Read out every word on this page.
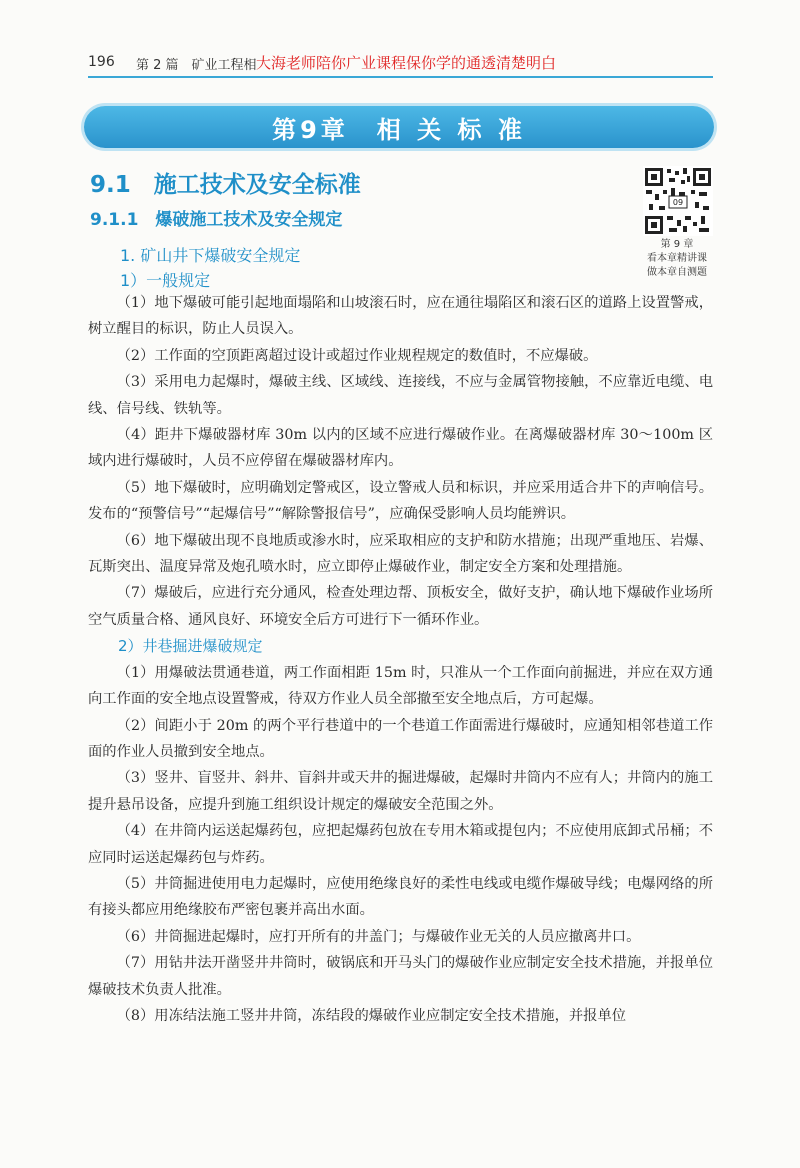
196 第 2 篇　矿业工程相 大海老师陪你广业课程保你学的通透清楚明白
第9章　相 关 标 准
9.1　施工技术及安全标准
9.1.1　爆破施工技术及安全规定
1. 矿山井下爆破安全规定
1）一般规定
09
第 9 章
看本章精讲课
做本章自测题

（1）地下爆破可能引起地面塌陷和山坡滚石时，应在通往塌陷区和滚石区的道路上设置警戒，树立醒目的标识，防止人员误入。

（2）工作面的空顶距离超过设计或超过作业规程规定的数值时，不应爆破。

（3）采用电力起爆时，爆破主线、区域线、连接线，不应与金属管物接触，不应靠近电缆、电线、信号线、铁轨等。

（4）距井下爆破器材库 30m 以内的区域不应进行爆破作业。在离爆破器材库 30～100m 区域内进行爆破时，人员不应停留在爆破器材库内。

（5）地下爆破时，应明确划定警戒区，设立警戒人员和标识，并应采用适合井下的声响信号。发布的“预警信号”“起爆信号”“解除警报信号”，应确保受影响人员均能辨识。

（6）地下爆破出现不良地质或渗水时，应采取相应的支护和防水措施；出现严重地压、岩爆、瓦斯突出、温度异常及炮孔喷水时，应立即停止爆破作业，制定安全方案和处理措施。

（7）爆破后，应进行充分通风，检查处理边帮、顶板安全，做好支护，确认地下爆破作业场所空气质量合格、通风良好、环境安全后方可进行下一循环作业。

2）井巷掘进爆破规定

（1）用爆破法贯通巷道，两工作面相距 15m 时，只准从一个工作面向前掘进，并应在双方通向工作面的安全地点设置警戒，待双方作业人员全部撤至安全地点后，方可起爆。

（2）间距小于 20m 的两个平行巷道中的一个巷道工作面需进行爆破时，应通知相邻巷道工作面的作业人员撤到安全地点。

（3）竖井、盲竖井、斜井、盲斜井或天井的掘进爆破，起爆时井筒内不应有人；井筒内的施工提升悬吊设备，应提升到施工组织设计规定的爆破安全范围之外。

（4）在井筒内运送起爆药包，应把起爆药包放在专用木箱或提包内；不应使用底卸式吊桶；不应同时运送起爆药包与炸药。

（5）井筒掘进使用电力起爆时，应使用绝缘良好的柔性电线或电缆作爆破导线；电爆网络的所有接头都应用绝缘胶布严密包裹并高出水面。

（6）井筒掘进起爆时，应打开所有的井盖门；与爆破作业无关的人员应撤离井口。

（7）用钻井法开凿竖井井筒时，破锅底和开马头门的爆破作业应制定安全技术措施，并报单位爆破技术负责人批准。

（8）用冻结法施工竖井井筒，冻结段的爆破作业应制定安全技术措施，并报单位
